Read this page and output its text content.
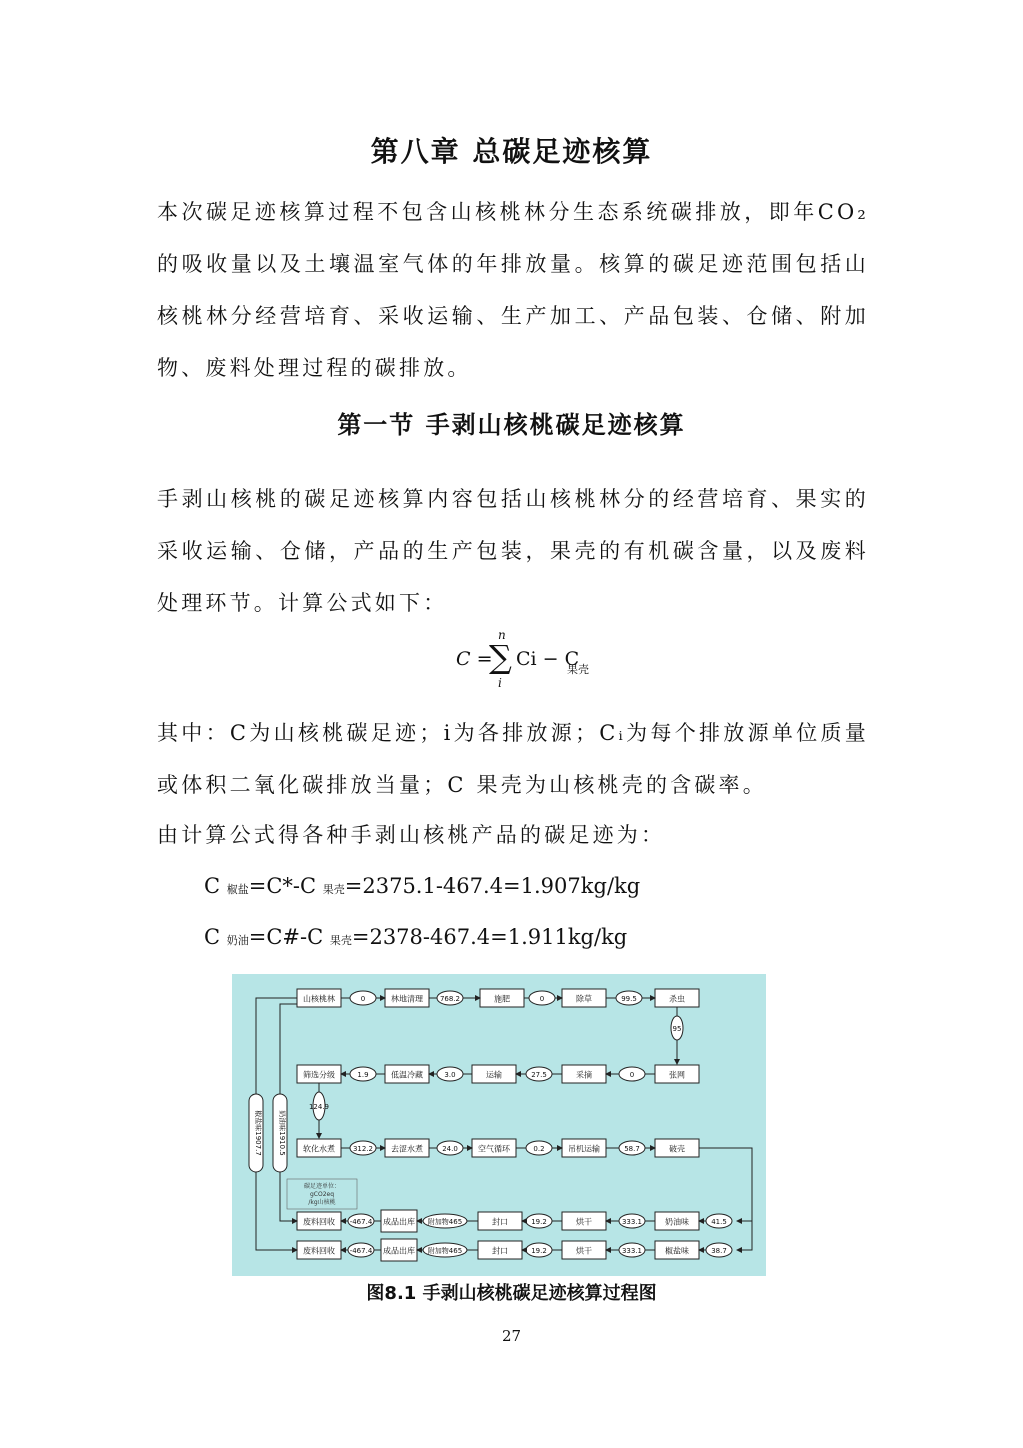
第八章 总碳足迹核算
本次碳足迹核算过程不包含山核桃林分生态系统碳排放，即年CO₂的吸收量以及土壤温室气体的年排放量。核算的碳足迹范围包括山核桃林分经营培育、采收运输、生产加工、产品包装、仓储、附加物、废料处理过程的碳排放。
第一节 手剥山核桃碳足迹核算
手剥山核桃的碳足迹核算内容包括山核桃林分的经营培育、果实的采收运输、仓储，产品的生产包装，果壳的有机碳含量，以及废料处理环节。计算公式如下：
C =
n
∑
i
Ci − C
果壳
其中：C为山核桃碳足迹；i为各排放源；Cᵢ为每个排放源单位质量或体积二氧化碳排放当量；C 果壳为山核桃壳的含碳率。
由计算公式得各种手剥山核桃产品的碳足迹为：
C 椒盐=C*-C 果壳=2375.1-467.4=1.907kg/kg
C 奶油=C#-C 果壳=2378-467.4=1.911kg/kg
山核桃林	0	林地清理 768.2	施肥	0	除草	99.5	杀虫
95
筛选分级	1.9	低温冷藏	3.0	运输	27.5	采摘	0	张网
124.9
软化水煮	312.2 去涩水煮	24.0	空气循环	0.2	吊机运输	58.7	破壳
碳足迹单位：
gCO2eq
/kg山核桃
废料回收 -467.4 成品出库 附加物465	封口	19.2	烘干	333.1	奶油味	41.5
废料回收 -467.4 成品出库 附加物465	封口	19.2	烘干	333.1	椒盐味	38.7
椒盐味1907.7 奶油味1910.5
图8.1 手剥山核桃碳足迹核算过程图
27
